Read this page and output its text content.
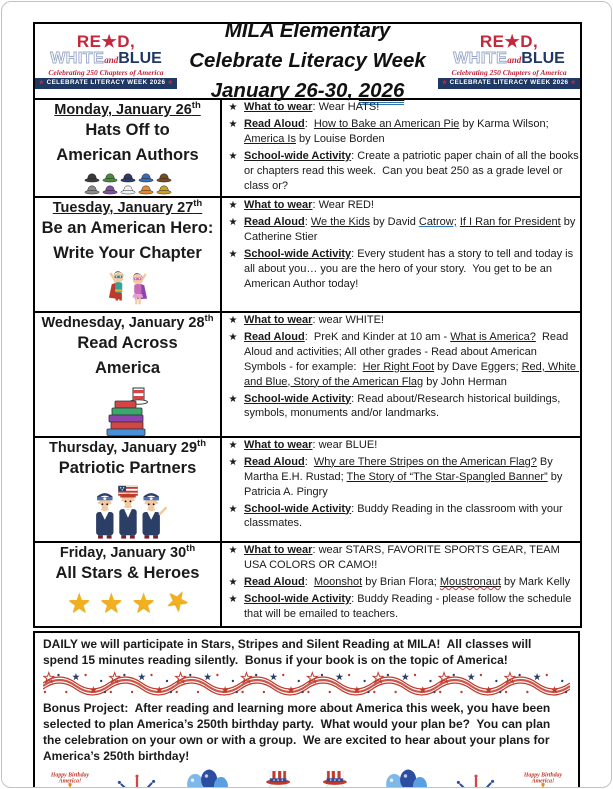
RE★D,
WHITEandBLUE
Celebrating 250 Chapters of America
★ CELEBRATE LITERACY WEEK 2026 ★
MILA Elementary
Celebrate Literacy Week
January 26-30, 2026
RE★D,
WHITEandBLUE
Celebrating 250 Chapters of America
★ CELEBRATE LITERACY WEEK 2026 ★

Monday, January 26th
Hats Off to
American Authors

★ What to wear: Wear HATS!
★ Read Aloud:  How to Bake an American Pie by Karma Wilson; America Is by Louise Borden
★ School-wide Activity: Create a patriotic paper chain of all the books or chapters read this week.  Can you beat 250 as a grade level or class or?

Tuesday, January 27th
Be an American Hero:
Write Your Chapter

★ What to wear: Wear RED!
★ Read Aloud: We the Kids by David Catrow; If I Ran for President by Catherine Stier
★ School-wide Activity: Every student has a story to tell and today is all about you… you are the hero of your story.  You get to be an American Author today!

Wednesday, January 28th
Read Across
America

★ What to wear: wear WHITE!
★ Read Aloud:  PreK and Kinder at 10 am - What is America?  Read Aloud and activities; All other grades - Read about American Symbols - for example:  Her Right Foot by Dave Eggers; Red, White and Blue, Story of the American Flag by John Herman
★ School-wide Activity: Read about/Research historical buildings, symbols, monuments and/or landmarks.

Thursday, January 29th
Patriotic Partners

★ What to wear: wear BLUE!
★ Read Aloud:  Why are There Stripes on the American Flag? By Martha E.H. Rustad; The Story of “The Star-Spangled Banner” by Patricia A. Pingry
★ School-wide Activity: Buddy Reading in the classroom with your classmates.

Friday, January 30th
All Stars & Heroes
★ ★ ★ ★

★ What to wear: wear STARS, FAVORITE SPORTS GEAR, TEAM USA COLORS OR CAMO!!
★ Read Aloud:  Moonshot by Brian Flora; Moustronaut by Mark Kelly
★ School-wide Activity: Buddy Reading - please follow the schedule that will be emailed to teachers.
DAILY we will participate in Stars, Stripes and Silent Reading at MILA!  All classes will spend 15 minutes reading silently.  Bonus if your book is on the topic of America!
Bonus Project:  After reading and learning more about America this week, you have been selected to plan America’s 250th birthday party.  What would your plan be?  You can plan the celebration on your own or with a group.  We are excited to hear about your plans for America’s 250th birthday!
